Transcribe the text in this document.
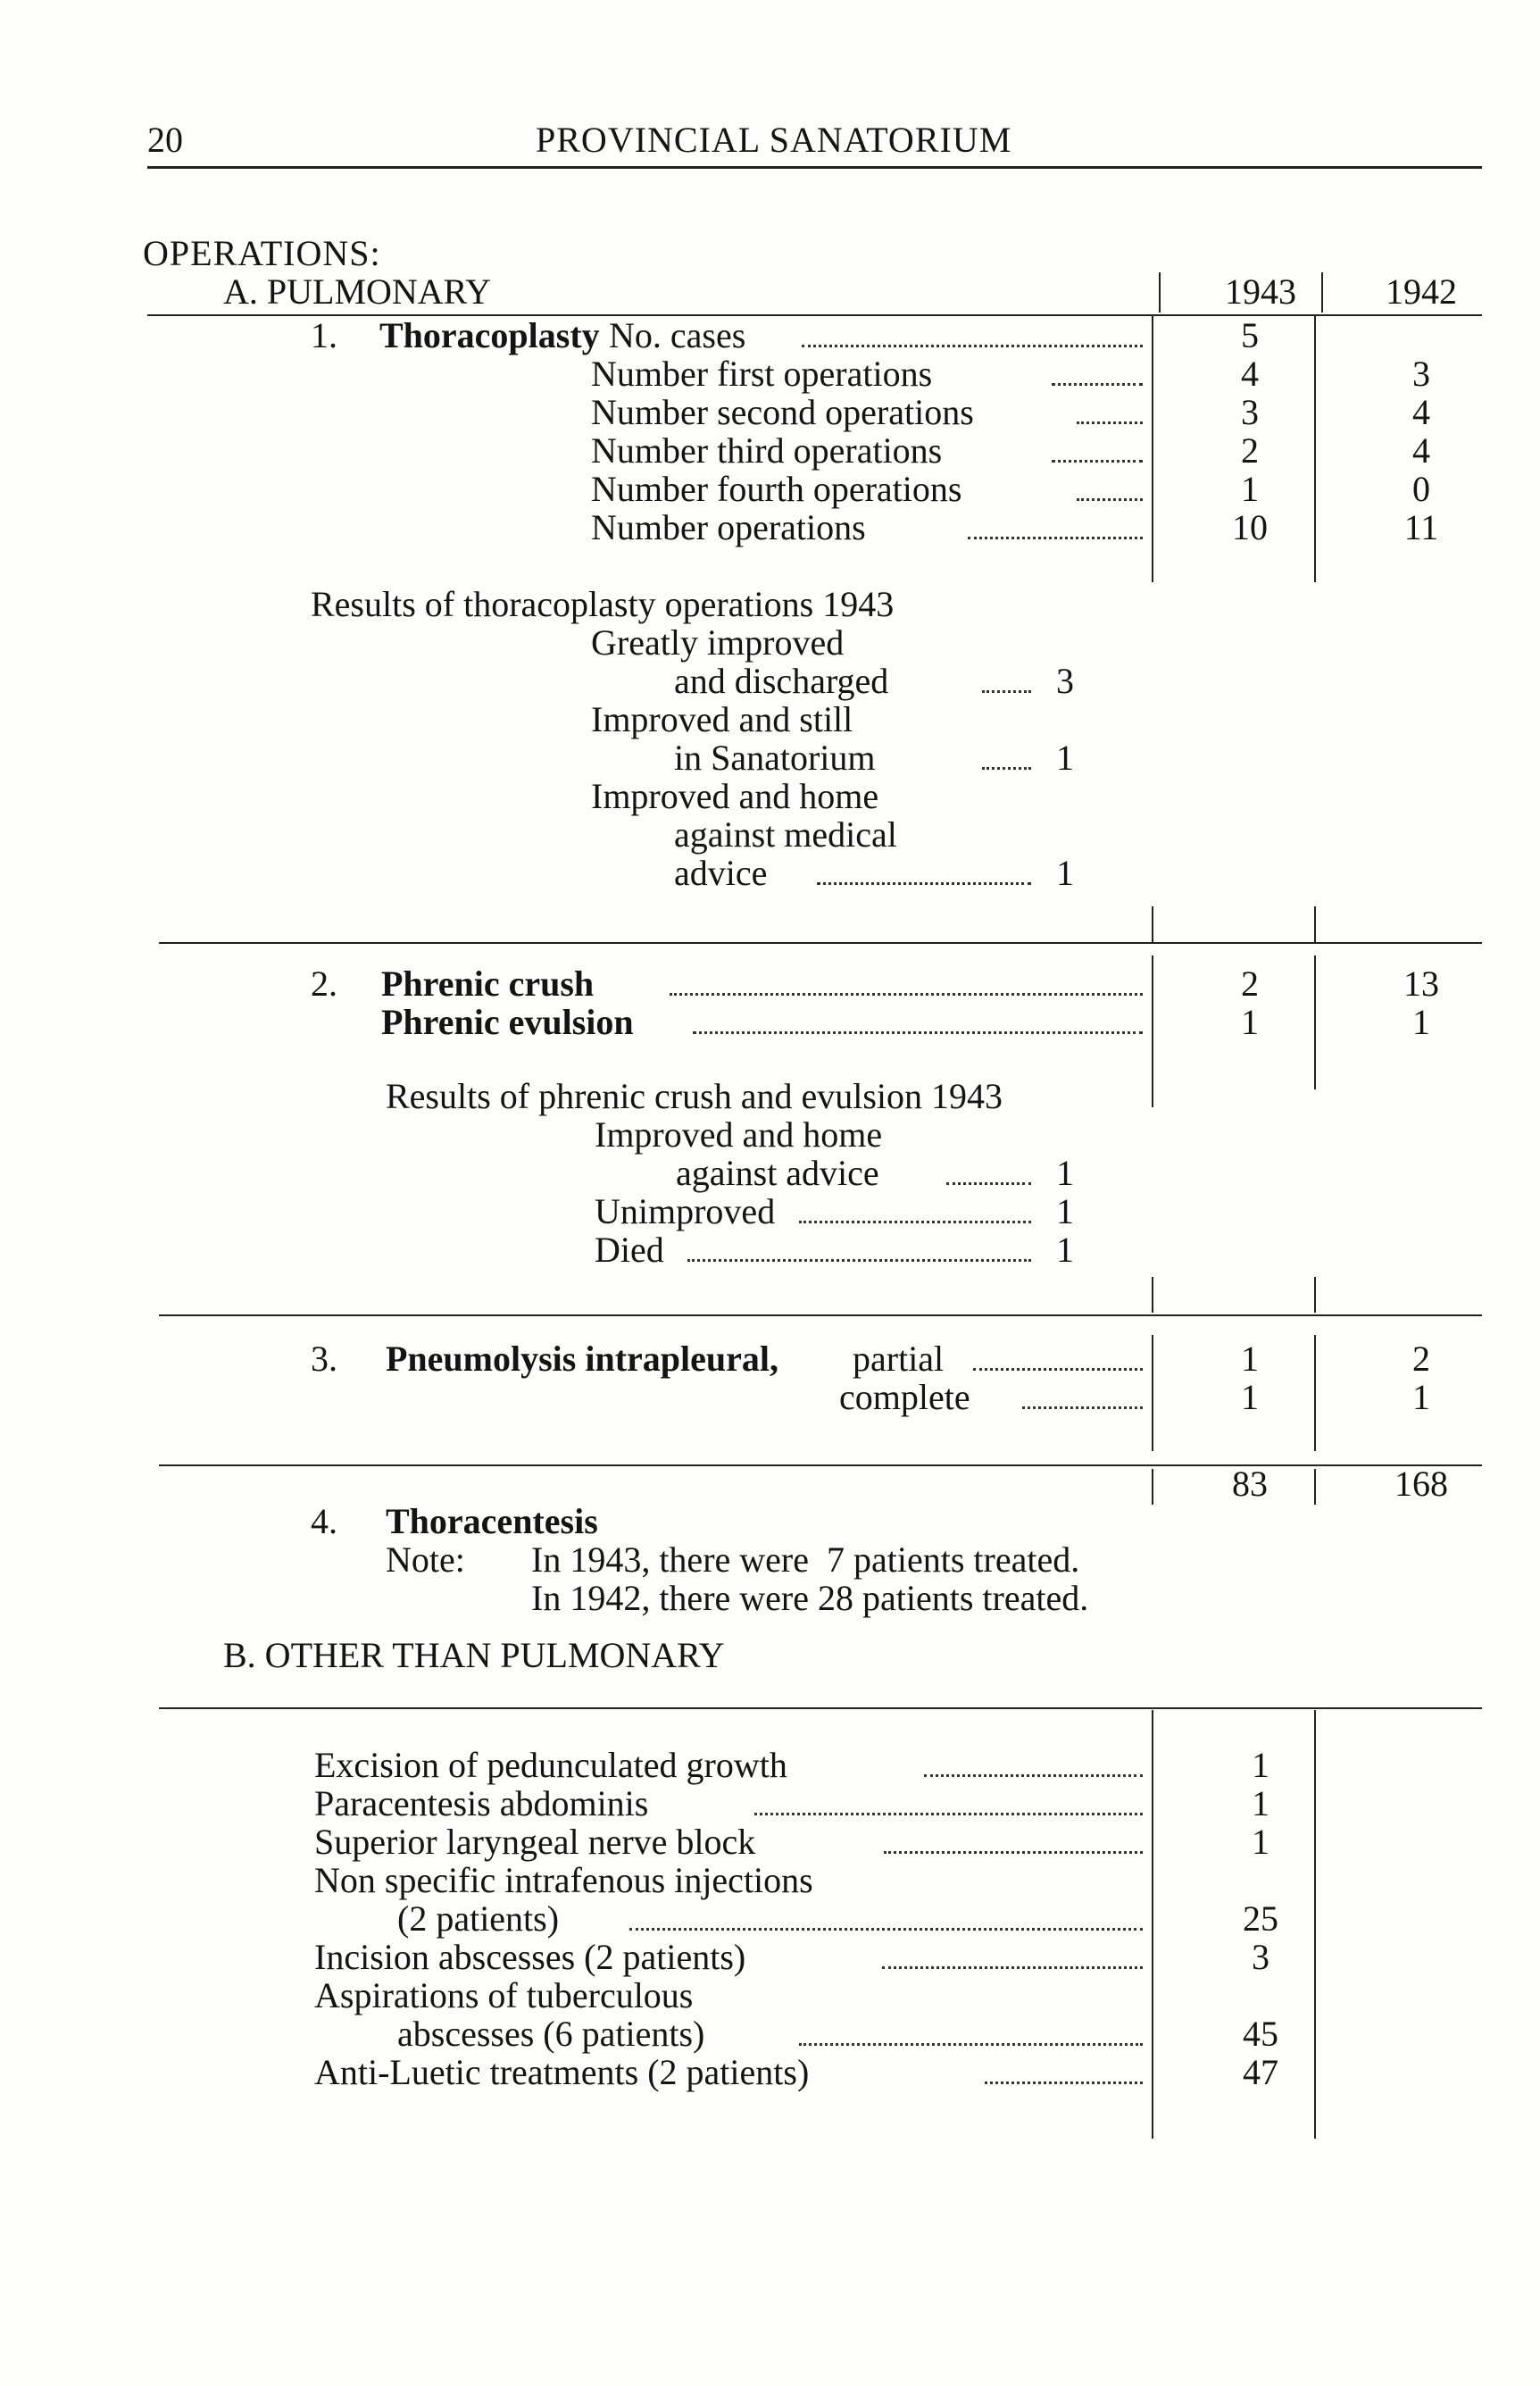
20	PROVINCIAL SANATORIUM
OPERATIONS:
A. PULMONARY	1943	1942
1. Thoracoplasty No. cases	5
Number first operations	4	3
Number second operations	3	4
Number third operations	2	4
Number fourth operations	1	0
Number operations	10	11
Results of thoracoplasty operations 1943
Greatly improved
and discharged	3
Improved and still
in Sanatorium	1
Improved and home
against medical
advice	1
2. Phrenic crush	2	13
Phrenic evulsion	1	1
Results of phrenic crush and evulsion 1943
Improved and home
against advice	1
Unimproved	1
Died	1
3. Pneumolysis intrapleural, partial	1	2
complete	1	1
83	168
4. Thoracentesis
Note: In 1943, there were  7 patients treated.
In 1942, there were 28 patients treated.
B. OTHER THAN PULMONARY
Excision of pedunculated growth	1
Paracentesis abdominis	1
Superior laryngeal nerve block	1
Non specific intrafenous injections
(2 patients)	25
Incision abscesses (2 patients)	3
Aspirations of tuberculous
abscesses (6 patients)	45
Anti-Luetic treatments (2 patients)	47
